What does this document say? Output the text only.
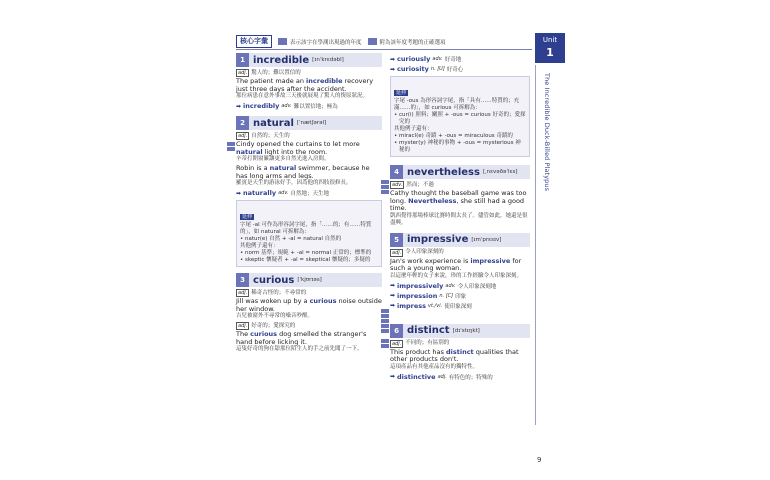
核心字彙	表示該字在學測出現過的年度	附為該年度考題的正確選項	Unit
1
The Incredible Duck-Billed Platypus
9
1 incredible [ɪnˈkrɛdəbl]
adj. 驚人的；難以置信的
The patient made an incredible recovery just three days after the accident.
那位病患在意外事故三天後就展現了驚人的復原狀況。
➡ incredibly adv. 難以置信地；極為
2 natural [ˈnætʃərəl]
adj. 自然的；天生的
Cindy opened the curtains to let more natural light into the room.
辛蒂打開窗簾讓更多自然光進入房間。
Robin is a natural swimmer, because he has long arms and legs.
羅賓是天生的游泳好手，因為他的四肢很修長。
➡ naturally adv. 自然地；天生地
延伸
字尾 -al 可作為形容詞字尾，指「……的；有……特質的」，如 natural 可拆解為：
• natur(e) 自然 + -al = natural 自然的
其他例子還有：
• norm 基準；規範 + -al = normal 正常的；標準的
• skeptic 懷疑者 + -al = skeptical 懷疑的；多疑的
3 curious [ˈkjʊrɪəs]
adj. 稀奇古怪的；不尋常的
Jill was woken up by a curious noise outside her window.
吉兒被窗外不尋常的噪音吵醒。
adj. 好奇的；愛探究的
The curious dog smelled the stranger's hand before licking it.
這隻好奇的狗在舔那位陌生人的手之前先聞了一下。
➡ curiously adv. 好奇地
➡ curiosity n. [U] 好奇心
延伸
字尾 -ous 為形容詞字尾，指「具有……特質的；充滿……的」，如 curious 可拆解為：
• cur(i) 照料；關照 + -ous = curious 好奇的；愛探究的
其他例子還有：
• miracl(e) 奇蹟 + -ous = miraculous 奇蹟的
• myster(y) 神秘的事物 + -ous = mysterious 神秘的
4 nevertheless [ˌnɛvəðəˈlɛs]
adv. 然而；不過
Cathy thought the baseball game was too long. Nevertheless, she still had a good time.
凱西覺得那場棒球比賽時間太長了。儘管如此，她還是很盡興。
5 impressive [ɪmˈprɛsɪv]
adj. 令人印象深刻的
Jan's work experience is impressive for such a young woman.
以這麼年輕的女子來說，珍的工作經驗令人印象深刻。
➡ impressively adv. 令人印象深刻地
➡ impression n. [C] 印象
➡ impress vt./vi. 使印象深刻
6 distinct [dɪˈstɪŋkt]
adj. 不同的；有區別的
This product has distinct qualities that other products don't.
這項產品有其他產品沒有的獨特性。
➡ distinctive adj. 有特色的；特殊的
